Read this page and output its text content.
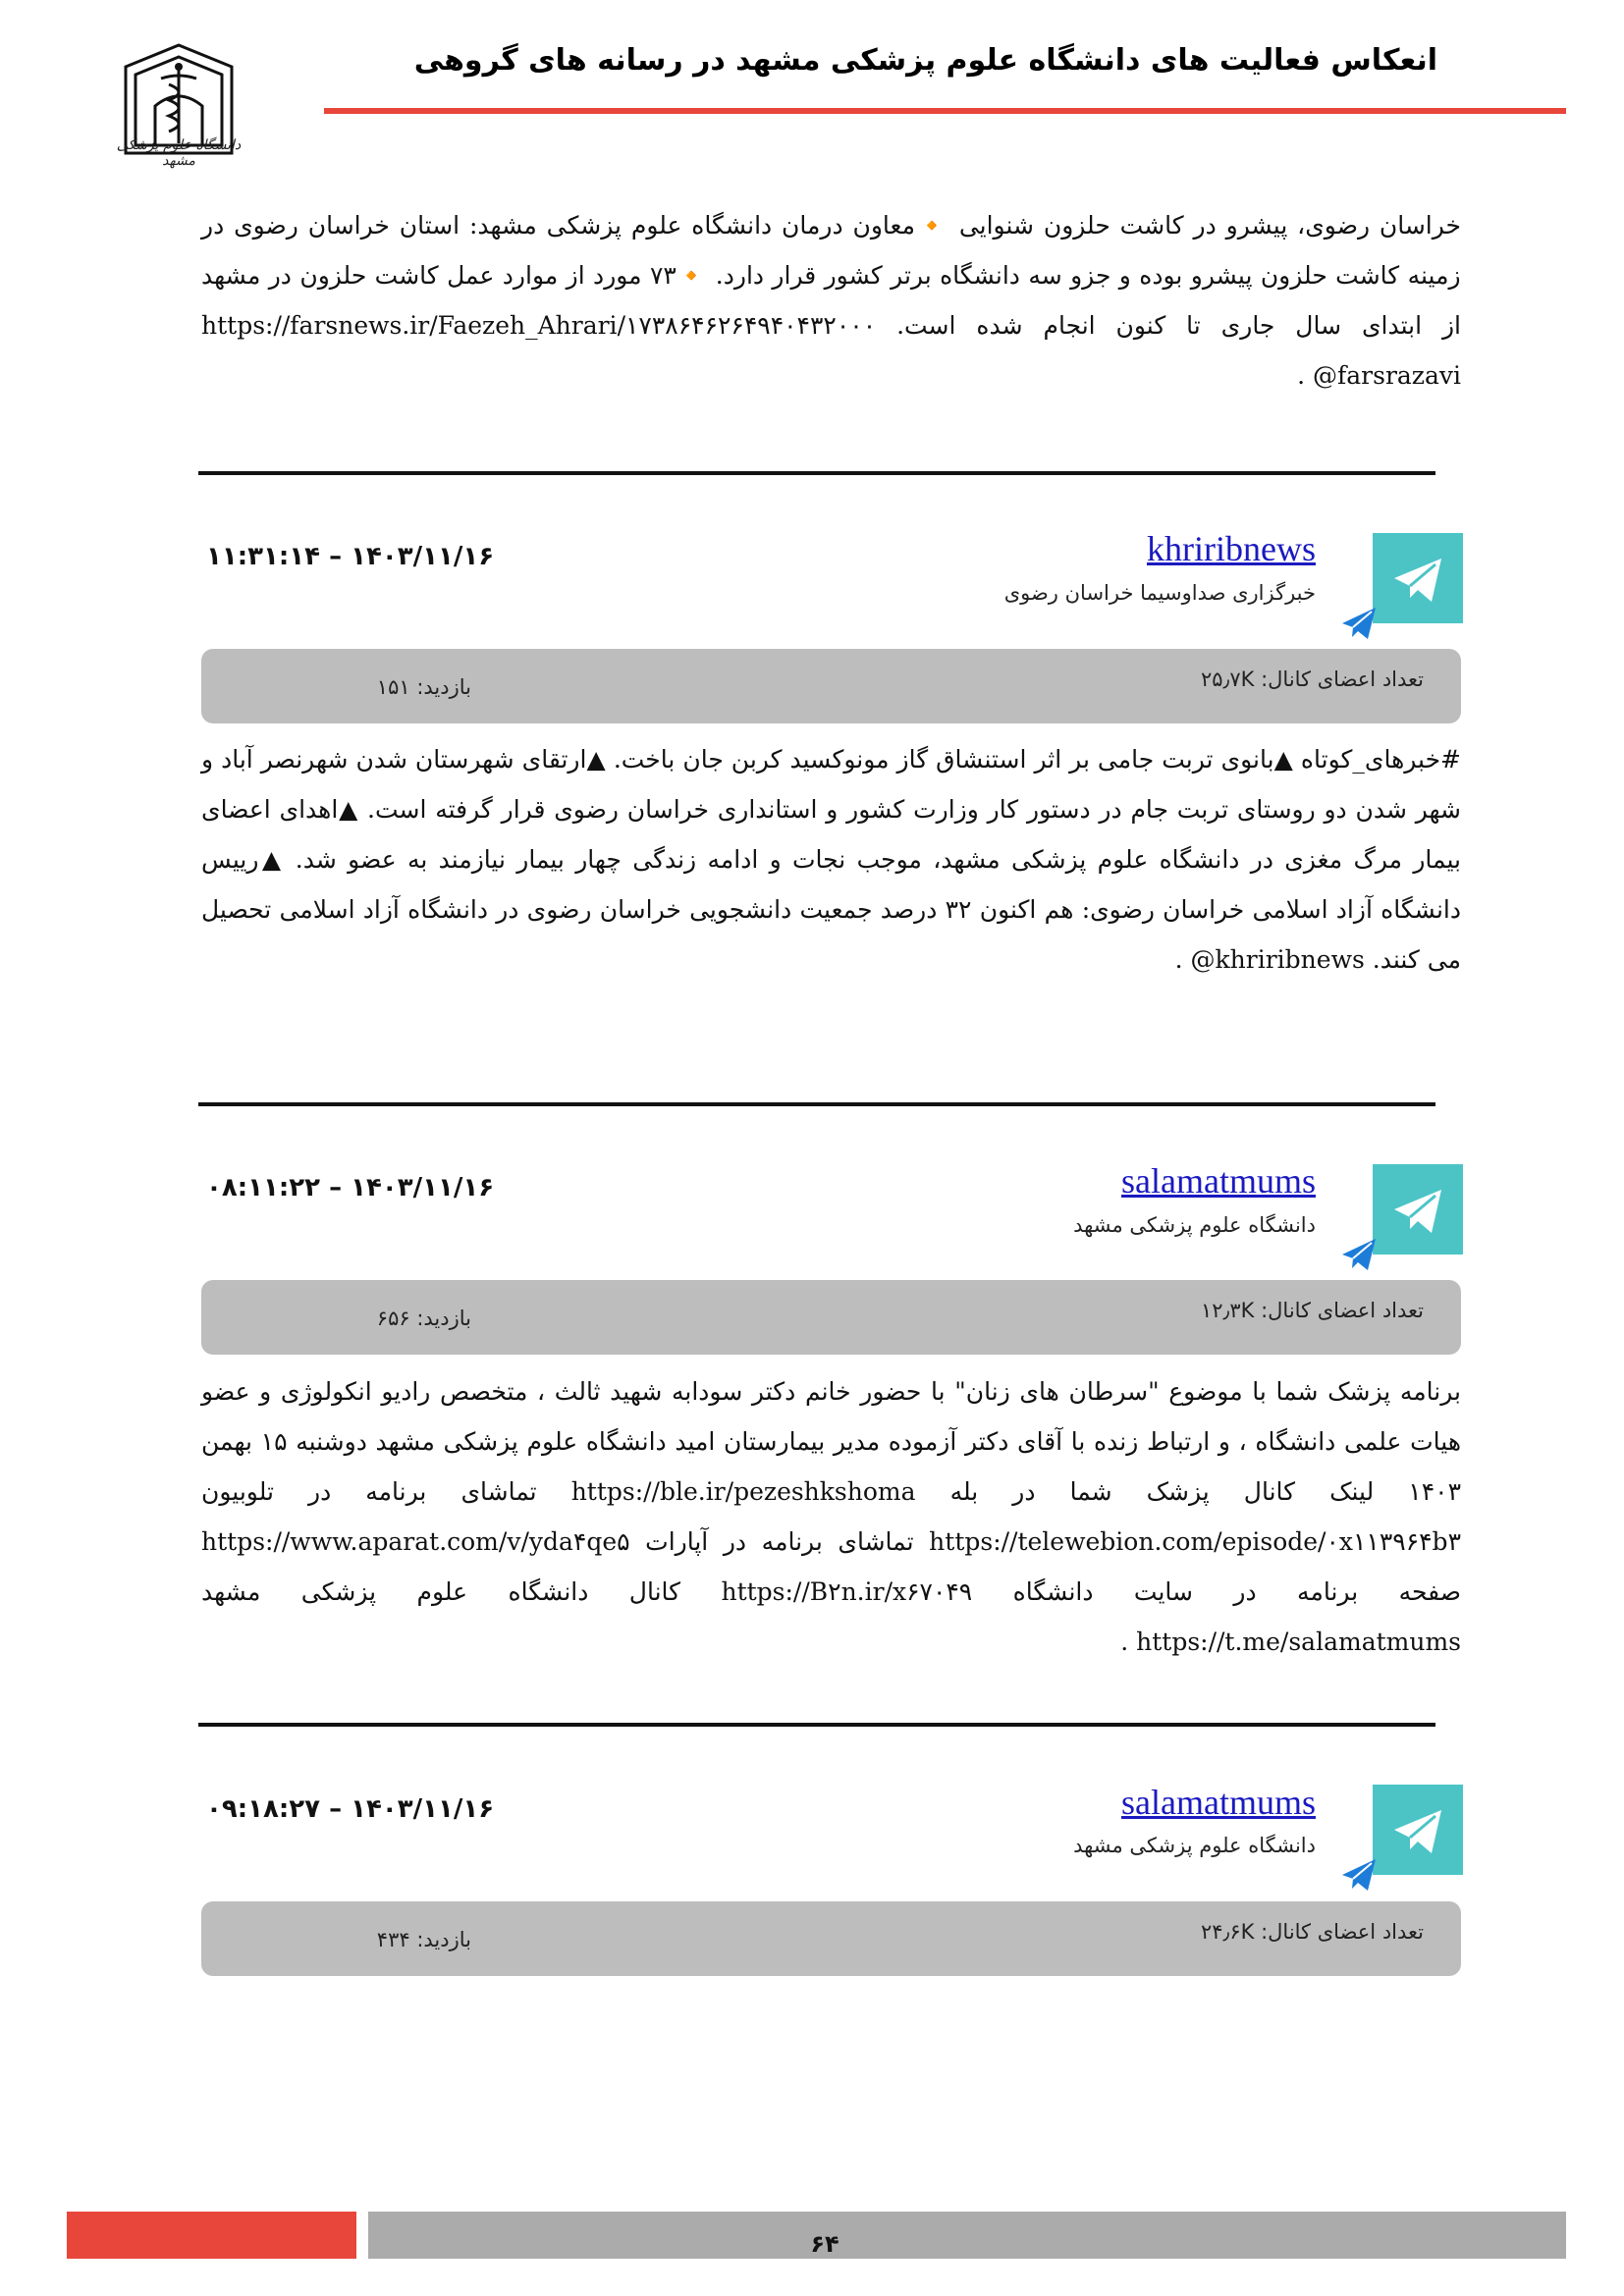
انعکاس فعالیت های دانشگاه علوم پزشکی مشهد در رسانه های گروهی
دانشگاه علوم پزشکی مشهد
خراسان رضوی، پیشرو در کاشت حلزون شنوایی 🔸معاون درمان دانشگاه علوم پزشکی مشهد: استان خراسان رضوی در زمینه کاشت حلزون پیشرو بوده و جزو سه دانشگاه برتر کشور قرار دارد. 🔸۷۳ مورد از موارد عمل کاشت حلزون در مشهد از ابتدای سال جاری تا کنون انجام شده است. ۱۷۳۸۶۴۶۲۶۴۹۴۰۴۳۲۰۰۰/https://farsnews.ir/Faezeh_Ahrari farsrazavi@ .
khriribnews
خبرگزاری صداوسیما خراسان رضوی
۱۴۰۳/۱۱/۱۶ – ۱۱:۳۱:۱۴
تعداد اعضای کانال: ۲۵٫۷K
بازدید: ۱۵۱
#خبرهای_کوتاه ▲بانوی تربت جامی بر اثر استنشاق گاز مونوکسید کربن جان باخت. ▲ارتقای شهرستان شدن شهرنصر آباد و شهر شدن دو روستای تربت جام در دستور کار وزارت کشور و استانداری خراسان رضوی قرار گرفته است. ▲اهدای اعضای بیمار مرگ مغزی در دانشگاه علوم پزشکی مشهد، موجب نجات و ادامه زندگی چهار بیمار نیازمند به عضو شد. ▲رییس دانشگاه آزاد اسلامی خراسان رضوی: هم اکنون ۳۲ درصد جمعیت دانشجویی خراسان رضوی در دانشگاه آزاد اسلامی تحصیل می کنند. khriribnews@ .
salamatmums
دانشگاه علوم پزشکی مشهد
۱۴۰۳/۱۱/۱۶ – ۰۸:۱۱:۲۲
تعداد اعضای کانال: ۱۲٫۳K
بازدید: ۶۵۶
برنامه پزشک شما با موضوع "سرطان های زنان" با حضور خانم دکتر سودابه شهید ثالث ، متخصص رادیو انکولوژی و عضو هیات علمی دانشگاه ، و ارتباط زنده با آقای دکتر آزموده مدیر بیمارستان امید دانشگاه علوم پزشکی مشهد دوشنبه ۱۵ بهمن ۱۴۰۳ لینک کانال پزشک شما در بله https://ble.ir/pezeshkshoma تماشای برنامه در تلوبیون https://telewebion.com/episode/۰x۱۱۳۹۶۴b۳ تماشای برنامه در آپارات https://www.aparat.com/v/yda۴qe۵ صفحه برنامه در سایت دانشگاه https://B۲n.ir/x۶۷۰۴۹ کانال دانشگاه علوم پزشکی مشهد https://t.me/salamatmums .
salamatmums
دانشگاه علوم پزشکی مشهد
۱۴۰۳/۱۱/۱۶ – ۰۹:۱۸:۲۷
تعداد اعضای کانال: ۲۴٫۶K
بازدید: ۴۳۴
۶۴
